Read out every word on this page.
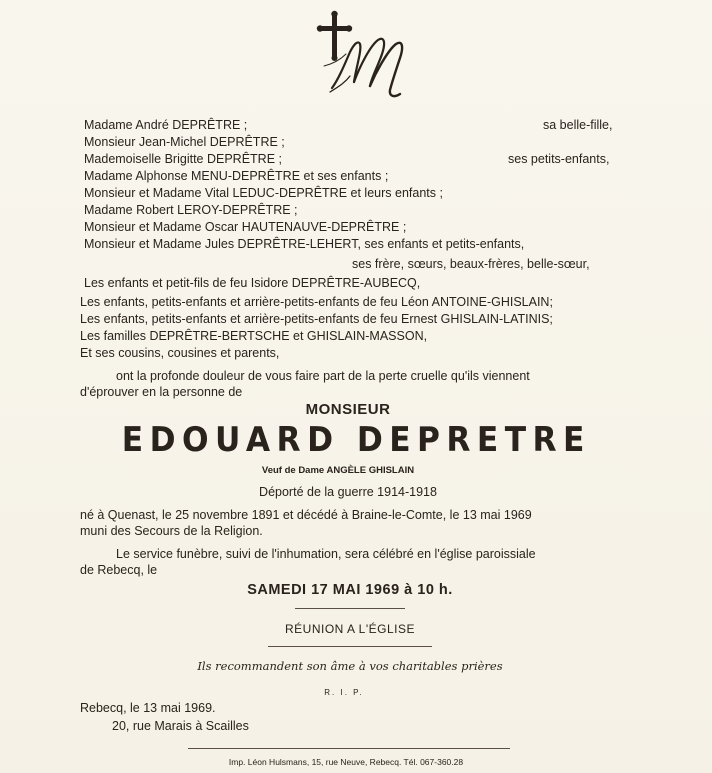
Madame André DEPRÊTRE ;	sa belle-fille,
Monsieur Jean-Michel DEPRÊTRE ;
Mademoiselle Brigitte DEPRÊTRE ;	ses petits-enfants,
Madame Alphonse MENU-DEPRÊTRE et ses enfants ;
Monsieur et Madame Vital LEDUC-DEPRÊTRE et leurs enfants ;
Madame Robert LEROY-DEPRÊTRE ;
Monsieur et Madame Oscar HAUTENAUVE-DEPRÊTRE ;
Monsieur et Madame Jules DEPRÊTRE-LEHERT, ses enfants et petits-enfants,
ses frère, sœurs, beaux-frères, belle-sœur,
Les enfants et petit-fils de feu Isidore DEPRÊTRE-AUBECQ,
Les enfants, petits-enfants et arrière-petits-enfants de feu Léon ANTOINE-GHISLAIN;
Les enfants, petits-enfants et arrière-petits-enfants de feu Ernest GHISLAIN-LATINIS;
Les familles DEPRÊTRE-BERTSCHE et GHISLAIN-MASSON,
Et ses cousins, cousines et parents,
ont la profonde douleur de vous faire part de la perte cruelle qu'ils viennent
d'éprouver en la personne de
MONSIEUR
EDOUARD DEPRETRE
Veuf de Dame ANGÈLE GHISLAIN
Déporté de la guerre 1914-1918
né à Quenast, le 25 novembre 1891 et décédé à Braine-le-Comte, le 13 mai 1969
muni des Secours de la Religion.
Le service funèbre, suivi de l'inhumation, sera célébré en l'église paroissiale
de Rebecq, le
SAMEDI 17 MAI 1969 à 10 h.
RÉUNION A L'ÉGLISE
Ils recommandent son âme à vos charitables prières
R. I. P.
Rebecq, le 13 mai 1969.
20, rue Marais à Scailles
Imp. Léon Hulsmans, 15, rue Neuve, Rebecq. Tél. 067-360.28
